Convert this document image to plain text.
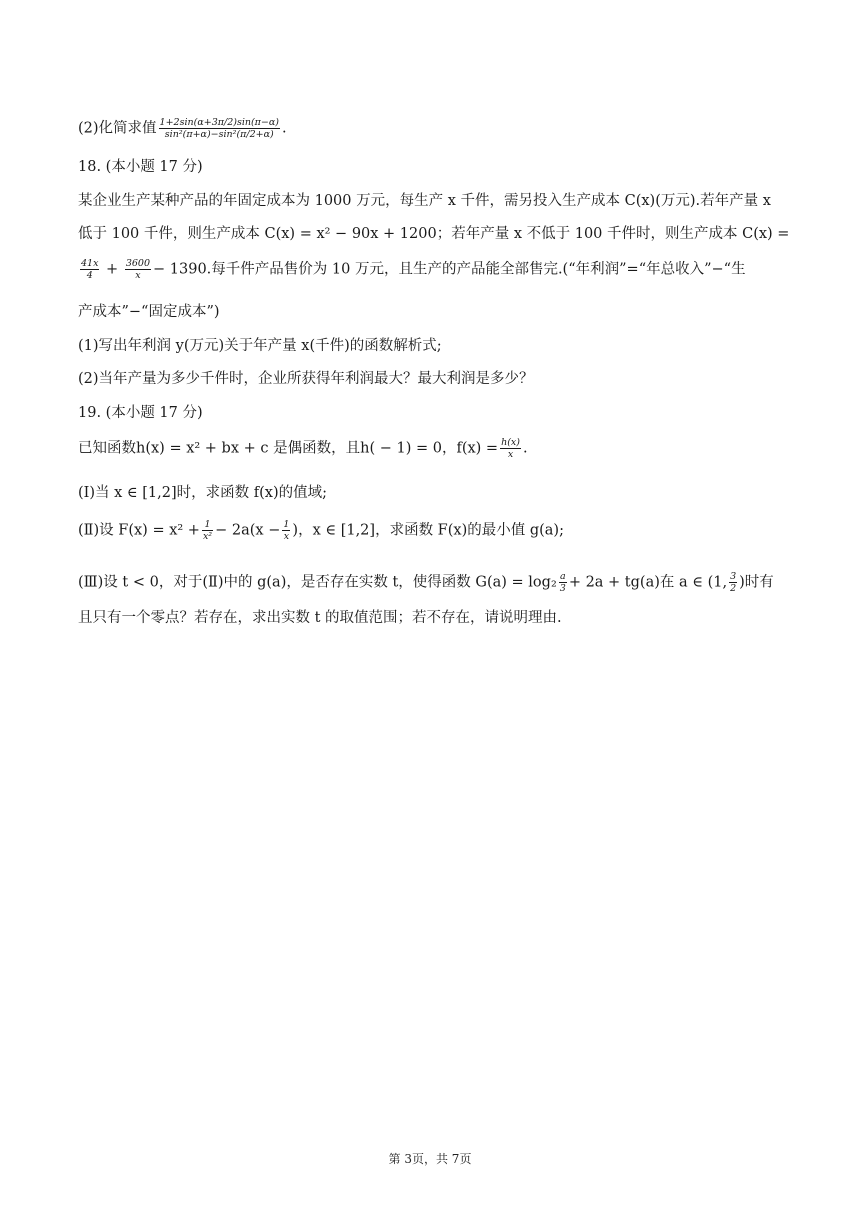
(2)化简求值 $\frac{1+2\sin(\alpha+3\pi/2)\sin(\pi-\alpha)}{\text{sin²(π+α)−sin²(π/2+α)}}$ .
18. (本小题 17 分)
某企业生产某种产品的年固定成本为 1000 万元，每生产 x 千件，需另投入生产成本 C(x)(万元).若年产量 x
低于 100 千件，则生产成本 C(x) = x² − 90x + 1200；若年产量 x 不低于 100 千件时，则生产成本 C(x) =
$\frac{41x}{4} + \frac{3600}{x} - 1390$.每千件产品售价为 10 万元，且生产的产品能全部售完.(“年利润”=“年总收入”−“生
产成本”−“固定成本”)
(1)写出年利润 y(万元)关于年产量 x(千件)的函数解析式;
(2)当年产量为多少千件时，企业所获得年利润最大？最大利润是多少？
19. (本小题 17 分)
已知函数h(x) = x² + bx + c 是偶函数，且h( − 1) = 0，$f(x) = \frac{h(x)}{x}$ .
(Ⅰ)当 x ∈ [1,2]时，求函数 f(x)的值域;
(Ⅱ)设 $F(x) = x^2 + \frac{1}{\text{x²}} - 2a(x - \frac{1}{x}$ )，x ∈ [1,2]，求函数 F(x)的最小值 g(a);
(Ⅲ)设 t < 0，对于(Ⅱ)中的 g(a)，是否存在实数 t，使得函数 $G(a) = \log_2 \frac{a}{3} + 2a + tg(a)$在 a ∈ (1, $\frac{3}{2}$ )时有
且只有一个零点？若存在，求出实数 t 的取值范围；若不存在，请说明理由.
第 3页，共 7页
